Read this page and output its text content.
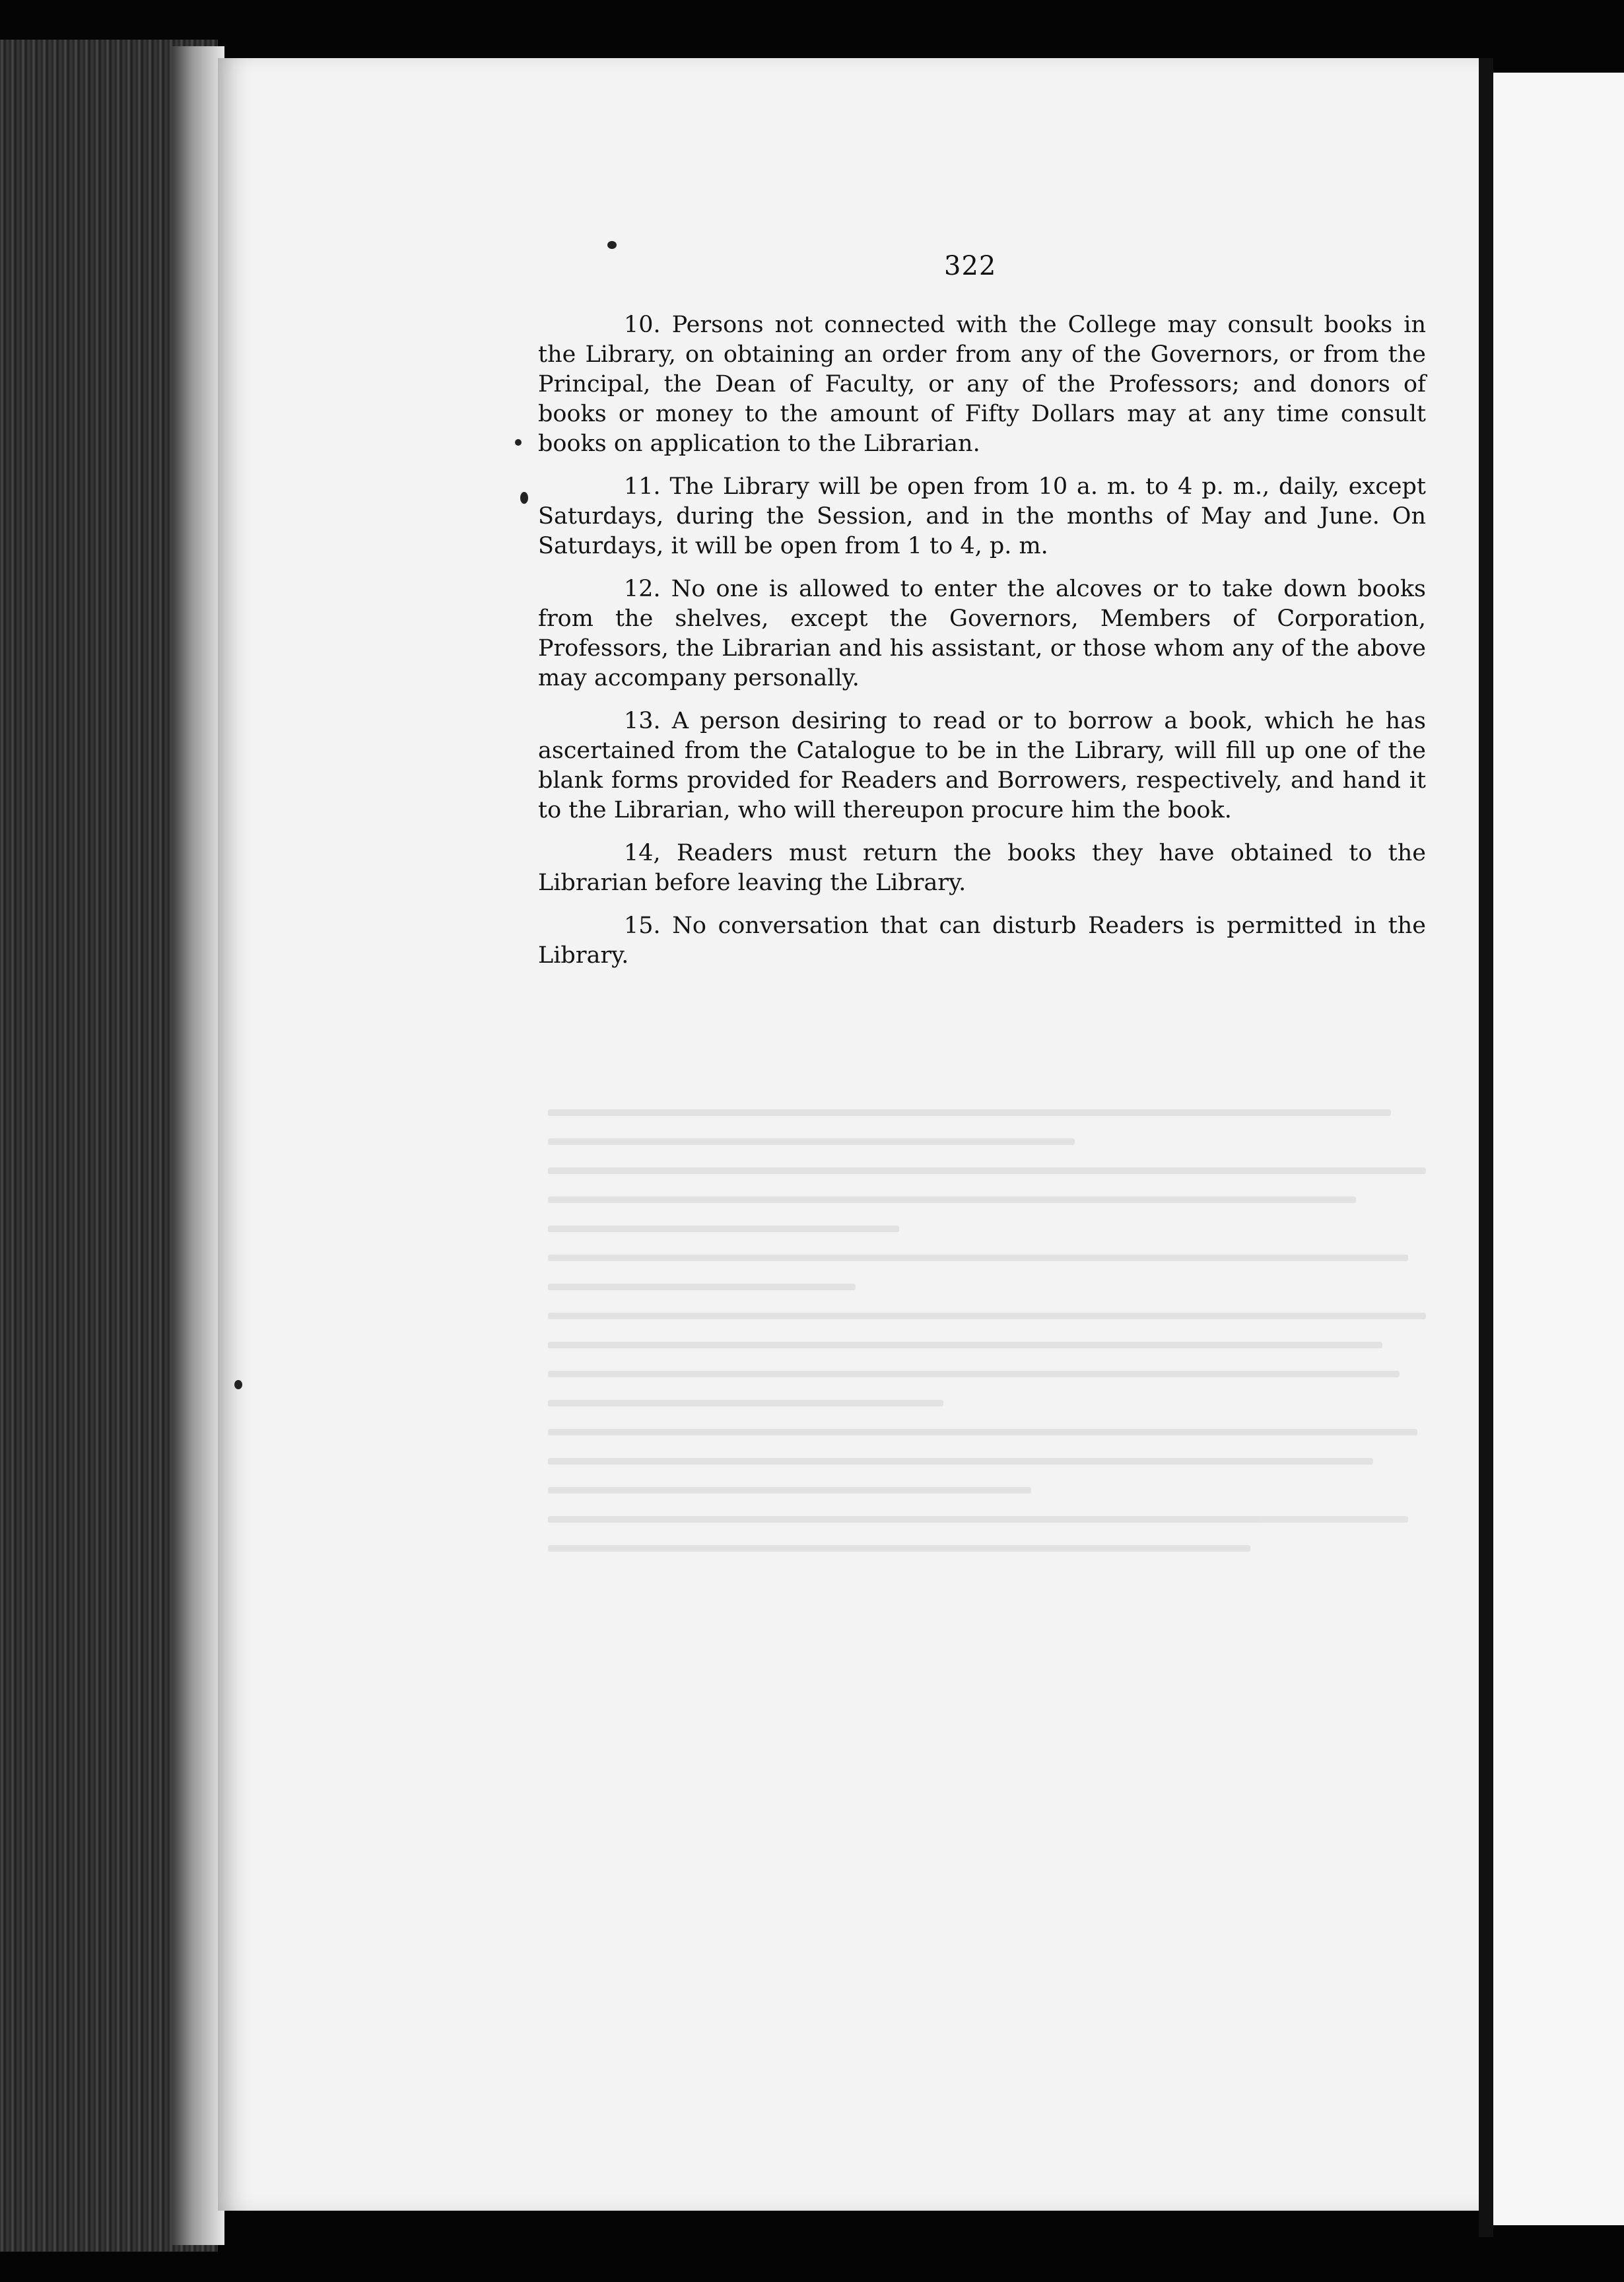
322

10. Persons not connected with the College may consult books in the Library, on obtaining an order from any of the Governors, or from the Principal, the Dean of Faculty, or any of the Professors; and donors of books or money to the amount of Fifty Dollars may at any time consult books on application to the Librarian.

11. The Library will be open from 10 a. m. to 4 p. m., daily, except Saturdays, during the Session, and in the months of May and June. On Saturdays, it will be open from 1 to 4, p. m.

12. No one is allowed to enter the alcoves or to take down books from the shelves, except the Governors, Members of Corporation, Professors, the Librarian and his assistant, or those whom any of the above may accompany personally.

13. A person desiring to read or to borrow a book, which he has ascertained from the Catalogue to be in the Library, will fill up one of the blank forms provided for Readers and Borrowers, respectively, and hand it to the Librarian, who will thereupon procure him the book.

14, Readers must return the books they have obtained to the Librarian before leaving the Library.

15. No conversation that can disturb Readers is permitted in the Library.
